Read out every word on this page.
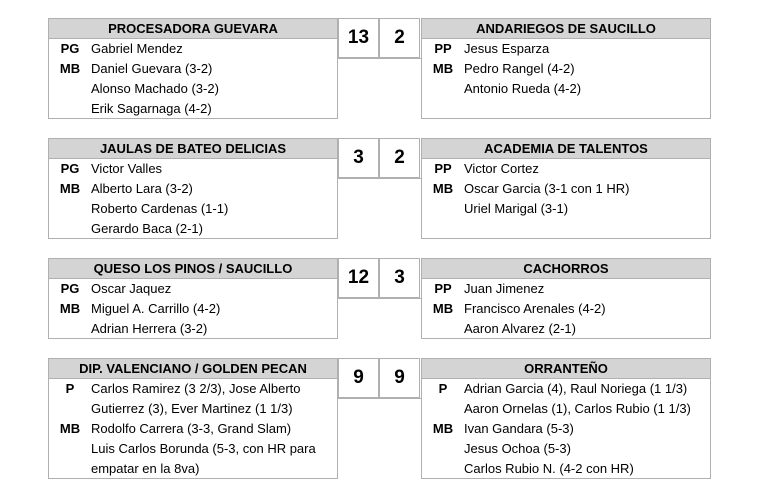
PROCESADORA GUEVARA
PG Gabriel Mendez
MB Daniel Guevara (3-2)
Alonso Machado (3-2)
Erik Sagarnaga (4-2)
13	2	ANDARIEGOS DE SAUCILLO
PP Jesus Esparza
MB Pedro Rangel (4-2)
Antonio Rueda (4-2)
JAULAS DE BATEO DELICIAS
PG Victor Valles
MB Alberto Lara (3-2)
Roberto Cardenas (1-1)
Gerardo Baca (2-1)
3	2	ACADEMIA DE TALENTOS
PP Victor Cortez
MB Oscar Garcia (3-1 con 1 HR)
Uriel Marigal (3-1)
QUESO LOS PINOS / SAUCILLO
PG Oscar Jaquez
MB Miguel A. Carrillo (4-2)
Adrian Herrera (3-2)
12	3	CACHORROS
PP Juan Jimenez
MB Francisco Arenales (4-2)
Aaron Alvarez (2-1)
DIP. VALENCIANO / GOLDEN PECAN
P	Carlos Ramirez (3 2/3), Jose Alberto
Gutierrez (3), Ever Martinez (1 1/3)
MB Rodolfo Carrera (3-3, Grand Slam)
Luis Carlos Borunda (5-3, con HR para
empatar en la 8va)
9	9	ORRANTEÑO
P	Adrian Garcia (4), Raul Noriega (1 1/3)
Aaron Ornelas (1), Carlos Rubio (1 1/3)
MB Ivan Gandara (5-3)
Jesus Ochoa (5-3)
Carlos Rubio N. (4-2 con HR)
